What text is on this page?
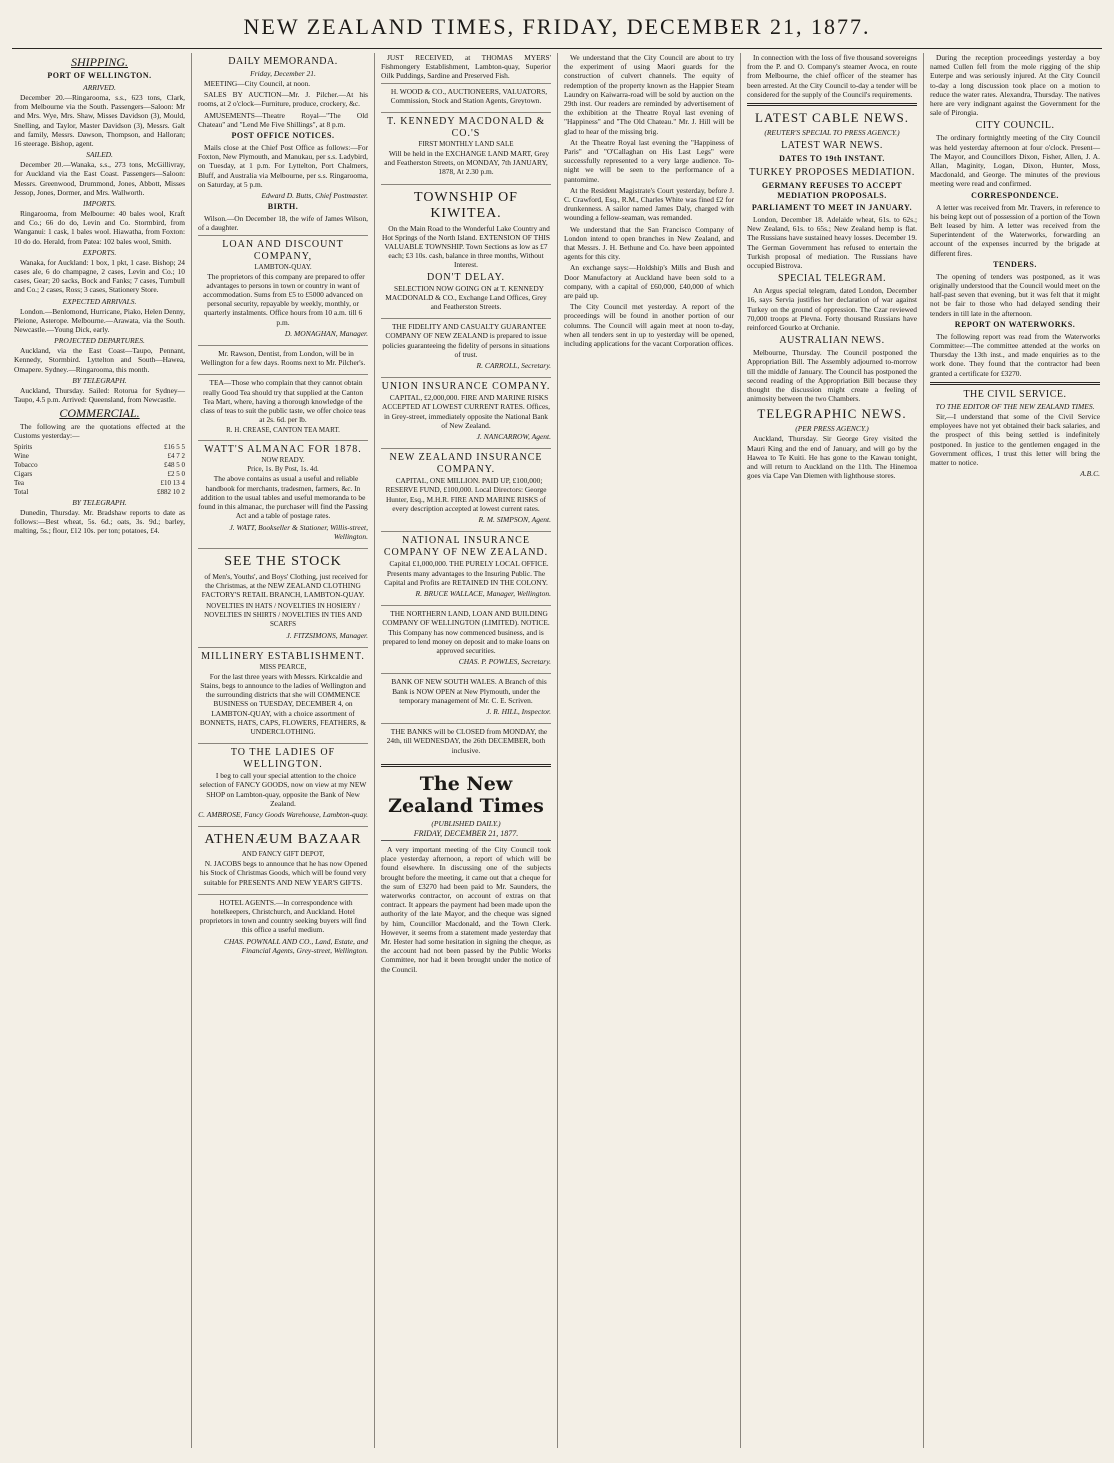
NEW ZEALAND TIMES, FRIDAY, DECEMBER 21, 1877.
SHIPPING.
PORT OF WELLINGTON.
ARRIVED.

December 20.—Ringarooma, s.s., 623 tons, Clark, from Melbourne via the South. Passengers—Saloon: Mr and Mrs. Wye, Mrs. Shaw, Misses Davidson (3), Mould, Snelling, and Taylor, Master Davidson (3), Messrs. Galt and family, Messrs. Dawson, Thompson, and Halloran; 16 steerage. Bishop, agent.

SAILED.

December 20.—Wanaka, s.s., 273 tons, McGillivray, for Auckland via the East Coast. Passengers—Saloon: Messrs. Greenwood, Drummond, Jones, Abbott, Misses Jessop, Jones, Dormer, and Mrs. Wallworth.

IMPORTS.

Ringarooma, from Melbourne: 40 bales wool, Kraft and Co.; 66 do do, Levin and Co. Stormbird, from Wanganui: 1 cask, 1 bales wool. Hiawatha, from Foxton: 10 do do. Herald, from Patea: 102 bales wool, Smith.

EXPORTS.

Wanaka, for Auckland: 1 box, 1 pkt, 1 case. Bishop; 24 cases ale, 6 do champagne, 2 cases, Levin and Co.; 10 cases, Gear; 20 sacks, Bock and Fanks; 7 cases, Turnbull and Co.; 2 cases, Ross; 3 cases, Stationery Store.

EXPECTED ARRIVALS.

London.—Benlomond, Hurricane, Piako, Helen Denny, Pleione, Asterope. Melbourne.—Arawata, via the South. Newcastle.—Young Dick, early.

PROJECTED DEPARTURES.

Auckland, via the East Coast—Taupo, Pennant, Kennedy, Stormbird. Lyttelton and South—Hawea, Omapere. Sydney.—Ringarooma, this month.

BY TELEGRAPH.

Auckland, Thursday. Sailed: Rotorua for Sydney—Taupo, 4.5 p.m. Arrived: Queensland, from Newcastle.

COMMERCIAL.

The following are the quotations effected at the Customs yesterday:—

Spirits	£16 5 5
Wine	£4 7 2
Tobacco	£48 5 0
Cigars	£2 5 0
Tea	£10 13 4
Total	£882 10 2
BY TELEGRAPH.

Dunedin, Thursday. Mr. Bradshaw reports to date as follows:—Best wheat, 5s. 6d.; oats, 3s. 9d.; barley, malting, 5s.; flour, £12 10s. per ton; potatoes, £4.

DAILY MEMORANDA.
Friday, December 21.

MEETING—City Council, at noon.

SALES BY AUCTION—Mr. J. Pilcher.—At his rooms, at 2 o'clock—Furniture, produce, crockery, &c.

AMUSEMENTS—Theatre Royal—"The Old Chateau" and "Lend Me Five Shillings", at 8 p.m.

POST OFFICE NOTICES.

Mails close at the Chief Post Office as follows:—For Foxton, New Plymouth, and Manukau, per s.s. Ladybird, on Tuesday, at 1 p.m. For Lyttelton, Port Chalmers, Bluff, and Australia via Melbourne, per s.s. Ringarooma, on Saturday, at 5 p.m.

Edward D. Butts, Chief Postmaster.
BIRTH.

Wilson.—On December 18, the wife of James Wilson, of a daughter.

LOAN AND DISCOUNT COMPANY,
LAMBTON-QUAY.

The proprietors of this company are prepared to offer advantages to persons in town or country in want of accommodation. Sums from £5 to £5000 advanced on personal security, repayable by weekly, monthly, or quarterly instalments. Office hours from 10 a.m. till 6 p.m.

D. MONAGHAN, Manager.

Mr. Rawson, Dentist, from London, will be in Wellington for a few days. Rooms next to Mr. Pilcher's.

TEA—Those who complain that they cannot obtain really Good Tea should try that supplied at the Canton Tea Mart, where, having a thorough knowledge of the class of teas to suit the public taste, we offer choice teas at 2s. 6d. per lb.

R. H. CREASE, CANTON TEA MART.
WATT'S ALMANAC FOR 1878.
NOW READY.
Price, 1s. By Post, 1s. 4d.

The above contains as usual a useful and reliable handbook for merchants, tradesmen, farmers, &c. In addition to the usual tables and useful memoranda to be found in this almanac, the purchaser will find the Passing Act and a table of postage rates.

J. WATT, Bookseller & Stationer, Willis-street, Wellington.
SEE THE STOCK

of Men's, Youths', and Boys' Clothing, just received for the Christmas, at the NEW ZEALAND CLOTHING FACTORY'S RETAIL BRANCH, LAMBTON-QUAY.

NOVELTIES IN HATS / NOVELTIES IN HOSIERY / NOVELTIES IN SHIRTS / NOVELTIES IN TIES AND SCARFS
J. FITZSIMONS, Manager.
MILLINERY ESTABLISHMENT.
MISS PEARCE,

For the last three years with Messrs. Kirkcaldie and Stains, begs to announce to the ladies of Wellington and the surrounding districts that she will COMMENCE BUSINESS on TUESDAY, DECEMBER 4, on LAMBTON-QUAY, with a choice assortment of BONNETS, HATS, CAPS, FLOWERS, FEATHERS, & UNDERCLOTHING.

TO THE LADIES OF WELLINGTON.

I beg to call your special attention to the choice selection of FANCY GOODS, now on view at my NEW SHOP on Lambton-quay, opposite the Bank of New Zealand.

C. AMBROSE, Fancy Goods Warehouse, Lambton-quay.
ATHENÆUM BAZAAR
AND FANCY GIFT DEPOT,

N. JACOBS begs to announce that he has now Opened his Stock of Christmas Goods, which will be found very suitable for PRESENTS AND NEW YEAR'S GIFTS.

HOTEL AGENTS.—In correspondence with hotelkeepers, Christchurch, and Auckland. Hotel proprietors in town and country seeking buyers will find this office a useful medium.

CHAS. POWNALL AND CO., Land, Estate, and Financial Agents, Grey-street, Wellington.

JUST RECEIVED, at THOMAS MYERS' Fishmongery Establishment, Lambton-quay, Superior Oilk Puddings, Sardine and Preserved Fish.

H. WOOD & CO., AUCTIONEERS, VALUATORS, Commission, Stock and Station Agents, Greytown.

T. KENNEDY MACDONALD & CO.'S
FIRST MONTHLY LAND SALE

Will be held in the EXCHANGE LAND MART, Grey and Featherston Streets, on MONDAY, 7th JANUARY, 1878, At 2.30 p.m.

TOWNSHIP OF KIWITEA.

On the Main Road to the Wonderful Lake Country and Hot Springs of the North Island. EXTENSION OF THIS VALUABLE TOWNSHIP. Town Sections as low as £7 each; £3 10s. cash, balance in three months, Without Interest.

DON'T DELAY.

SELECTION NOW GOING ON at T. KENNEDY MACDONALD & CO., Exchange Land Offices, Grey and Featherston Streets.

THE FIDELITY AND CASUALTY GUARANTEE COMPANY OF NEW ZEALAND is prepared to issue policies guaranteeing the fidelity of persons in situations of trust.

R. CARROLL, Secretary.
UNION INSURANCE COMPANY.

CAPITAL, £2,000,000. FIRE AND MARINE RISKS ACCEPTED AT LOWEST CURRENT RATES. Offices, in Grey-street, immediately opposite the National Bank of New Zealand.

J. NANCARROW, Agent.
NEW ZEALAND INSURANCE COMPANY.

CAPITAL, ONE MILLION. PAID UP, £100,000; RESERVE FUND, £100,000. Local Directors: George Hunter, Esq., M.H.R. FIRE AND MARINE RISKS of every description accepted at lowest current rates.

R. M. SIMPSON, Agent.
NATIONAL INSURANCE COMPANY OF NEW ZEALAND.

Capital £1,000,000. THE PURELY LOCAL OFFICE. Presents many advantages to the Insuring Public. The Capital and Profits are RETAINED IN THE COLONY.

R. BRUCE WALLACE, Manager, Wellington.

THE NORTHERN LAND, LOAN AND BUILDING COMPANY OF WELLINGTON (LIMITED). NOTICE. This Company has now commenced business, and is prepared to lend money on deposit and to make loans on approved securities.

CHAS. P. POWLES, Secretary.

BANK OF NEW SOUTH WALES. A Branch of this Bank is NOW OPEN at New Plymouth, under the temporary management of Mr. C. E. Scriven.

J. R. HILL, Inspector.

THE BANKS will be CLOSED from MONDAY, the 24th, till WEDNESDAY, the 26th DECEMBER, both inclusive.

The New Zealand Times
(PUBLISHED DAILY.)
FRIDAY, DECEMBER 21, 1877.

A very important meeting of the City Council took place yesterday afternoon, a report of which will be found elsewhere. In discussing one of the subjects brought before the meeting, it came out that a cheque for the sum of £3270 had been paid to Mr. Saunders, the waterworks contractor, on account of extras on that contract. It appears the payment had been made upon the authority of the late Mayor, and the cheque was signed by him, Councillor Macdonald, and the Town Clerk. However, it seems from a statement made yesterday that Mr. Hester had some hesitation in signing the cheque, as the account had not been passed by the Public Works Committee, nor had it been brought under the notice of the Council.

We understand that the City Council are about to try the experiment of using Maori guards for the construction of culvert channels. The equity of redemption of the property known as the Happier Steam Laundry on Kaiwarra-road will be sold by auction on the 29th inst. Our readers are reminded by advertisement of the exhibition at the Theatre Royal last evening of "Happiness" and "The Old Chateau." Mr. J. Hill will be glad to hear of the missing brig.

At the Theatre Royal last evening the "Happiness of Paris" and "O'Callaghan on His Last Legs" were successfully represented to a very large audience. To-night we will be seen to the performance of a pantomime.

At the Resident Magistrate's Court yesterday, before J. C. Crawford, Esq., R.M., Charles White was fined £2 for drunkenness. A sailor named James Daly, charged with wounding a fellow-seaman, was remanded.

We understand that the San Francisco Company of London intend to open branches in New Zealand, and that Messrs. J. H. Bethune and Co. have been appointed agents for this city.

An exchange says:—Holdship's Mills and Bush and Door Manufactory at Auckland have been sold to a company, with a capital of £60,000, £40,000 of which are paid up.

The City Council met yesterday. A report of the proceedings will be found in another portion of our columns. The Council will again meet at noon to-day, when all tenders sent in up to yesterday will be opened, including applications for the vacant Corporation offices.

In connection with the loss of five thousand sovereigns from the P. and O. Company's steamer Avoca, en route from Melbourne, the chief officer of the steamer has been arrested. At the City Council to-day a tender will be considered for the supply of the Council's requirements.

LATEST CABLE NEWS.
(REUTER'S SPECIAL TO PRESS AGENCY.)
LATEST WAR NEWS.
DATES TO 19th INSTANT.
TURKEY PROPOSES MEDIATION.
GERMANY REFUSES TO ACCEPT MEDIATION PROPOSALS.
PARLIAMENT TO MEET IN JANUARY.

London, December 18. Adelaide wheat, 61s. to 62s.; New Zealand, 61s. to 65s.; New Zealand hemp is flat. The Russians have sustained heavy losses. December 19. The German Government has refused to entertain the Turkish proposal of mediation. The Russians have occupied Bistrova.

SPECIAL TELEGRAM.

An Argus special telegram, dated London, December 16, says Servia justifies her declaration of war against Turkey on the ground of oppression. The Czar reviewed 70,000 troops at Plevna. Forty thousand Russians have reinforced Gourko at Orchanie.

AUSTRALIAN NEWS.

Melbourne, Thursday. The Council postponed the Appropriation Bill. The Assembly adjourned to-morrow till the middle of January. The Council has postponed the second reading of the Appropriation Bill because they thought the discussion might create a feeling of animosity between the two Chambers.

TELEGRAPHIC NEWS.
(PER PRESS AGENCY.)

Auckland, Thursday. Sir George Grey visited the Mauri King and the end of January, and will go by the Hawea to Te Kuiti. He has gone to the Kawau tonight, and will return to Auckland on the 11th. The Hinemoa goes via Cape Van Diemen with lighthouse stores.

During the reception proceedings yesterday a boy named Cullen fell from the mole rigging of the ship Euterpe and was seriously injured. At the City Council to-day a long discussion took place on a motion to reduce the water rates. Alexandra, Thursday. The natives here are very indignant against the Government for the sale of Pirongia.

CITY COUNCIL.

The ordinary fortnightly meeting of the City Council was held yesterday afternoon at four o'clock. Present—The Mayor, and Councillors Dixon, Fisher, Allen, J. A. Allan, Maginity, Logan, Dixon, Hunter, Moss, Macdonald, and George. The minutes of the previous meeting were read and confirmed.

CORRESPONDENCE.

A letter was received from Mr. Travers, in reference to his being kept out of possession of a portion of the Town Belt leased by him. A letter was received from the Superintendent of the Waterworks, forwarding an account of the expenses incurred by the brigade at different fires.

TENDERS.

The opening of tenders was postponed, as it was originally understood that the Council would meet on the half-past seven that evening, but it was felt that it might not be fair to those who had delayed sending their tenders in till late in the afternoon.

REPORT ON WATERWORKS.

The following report was read from the Waterworks Committee:—The committee attended at the works on Thursday the 13th inst., and made enquiries as to the work done. They found that the contractor had been granted a certificate for £3270.

THE CIVIL SERVICE.
TO THE EDITOR OF THE NEW ZEALAND TIMES.

Sir,—I understand that some of the Civil Service employees have not yet obtained their back salaries, and the prospect of this being settled is indefinitely postponed. In justice to the gentlemen engaged in the Government offices, I trust this letter will bring the matter to notice.

A.B.C.
